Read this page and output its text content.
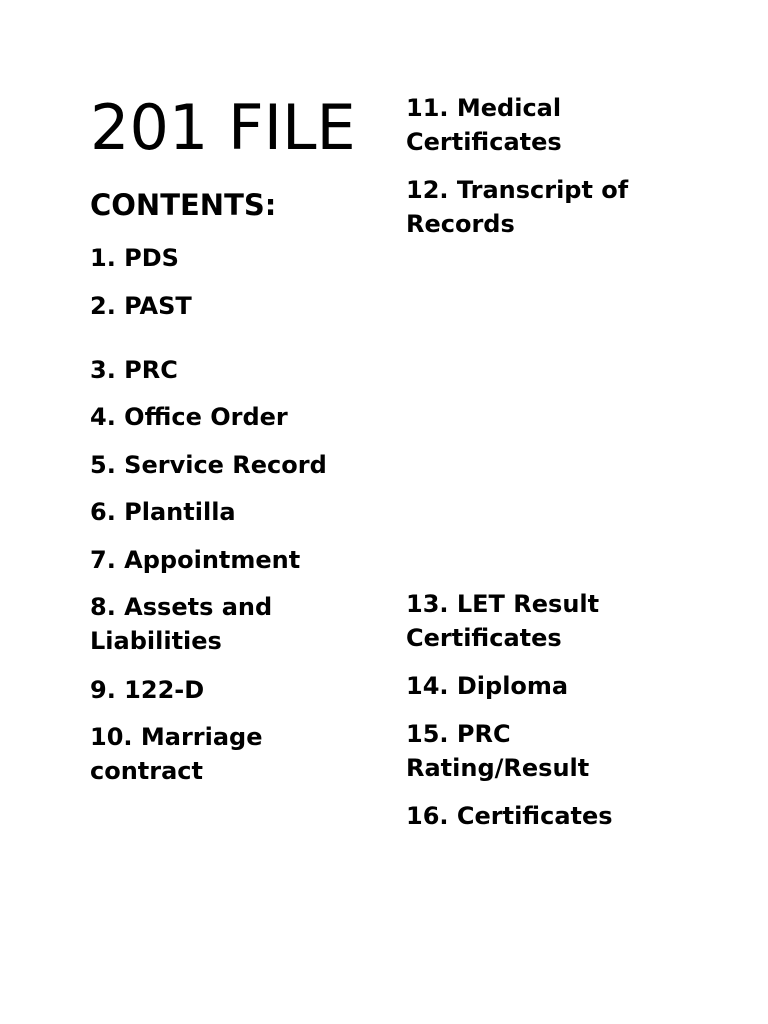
201 FILE
CONTENTS:

1. PDS

2. PAST

3. PRC

4. Office Order

5. Service Record

6. Plantilla

7. Appointment

8. Assets and Liabilities

9. 122-D

10. Marriage contract

11. Medical Certificates

12. Transcript of Records

13. LET Result Certificates

14. Diploma

15. PRC Rating/Result

16. Certificates
